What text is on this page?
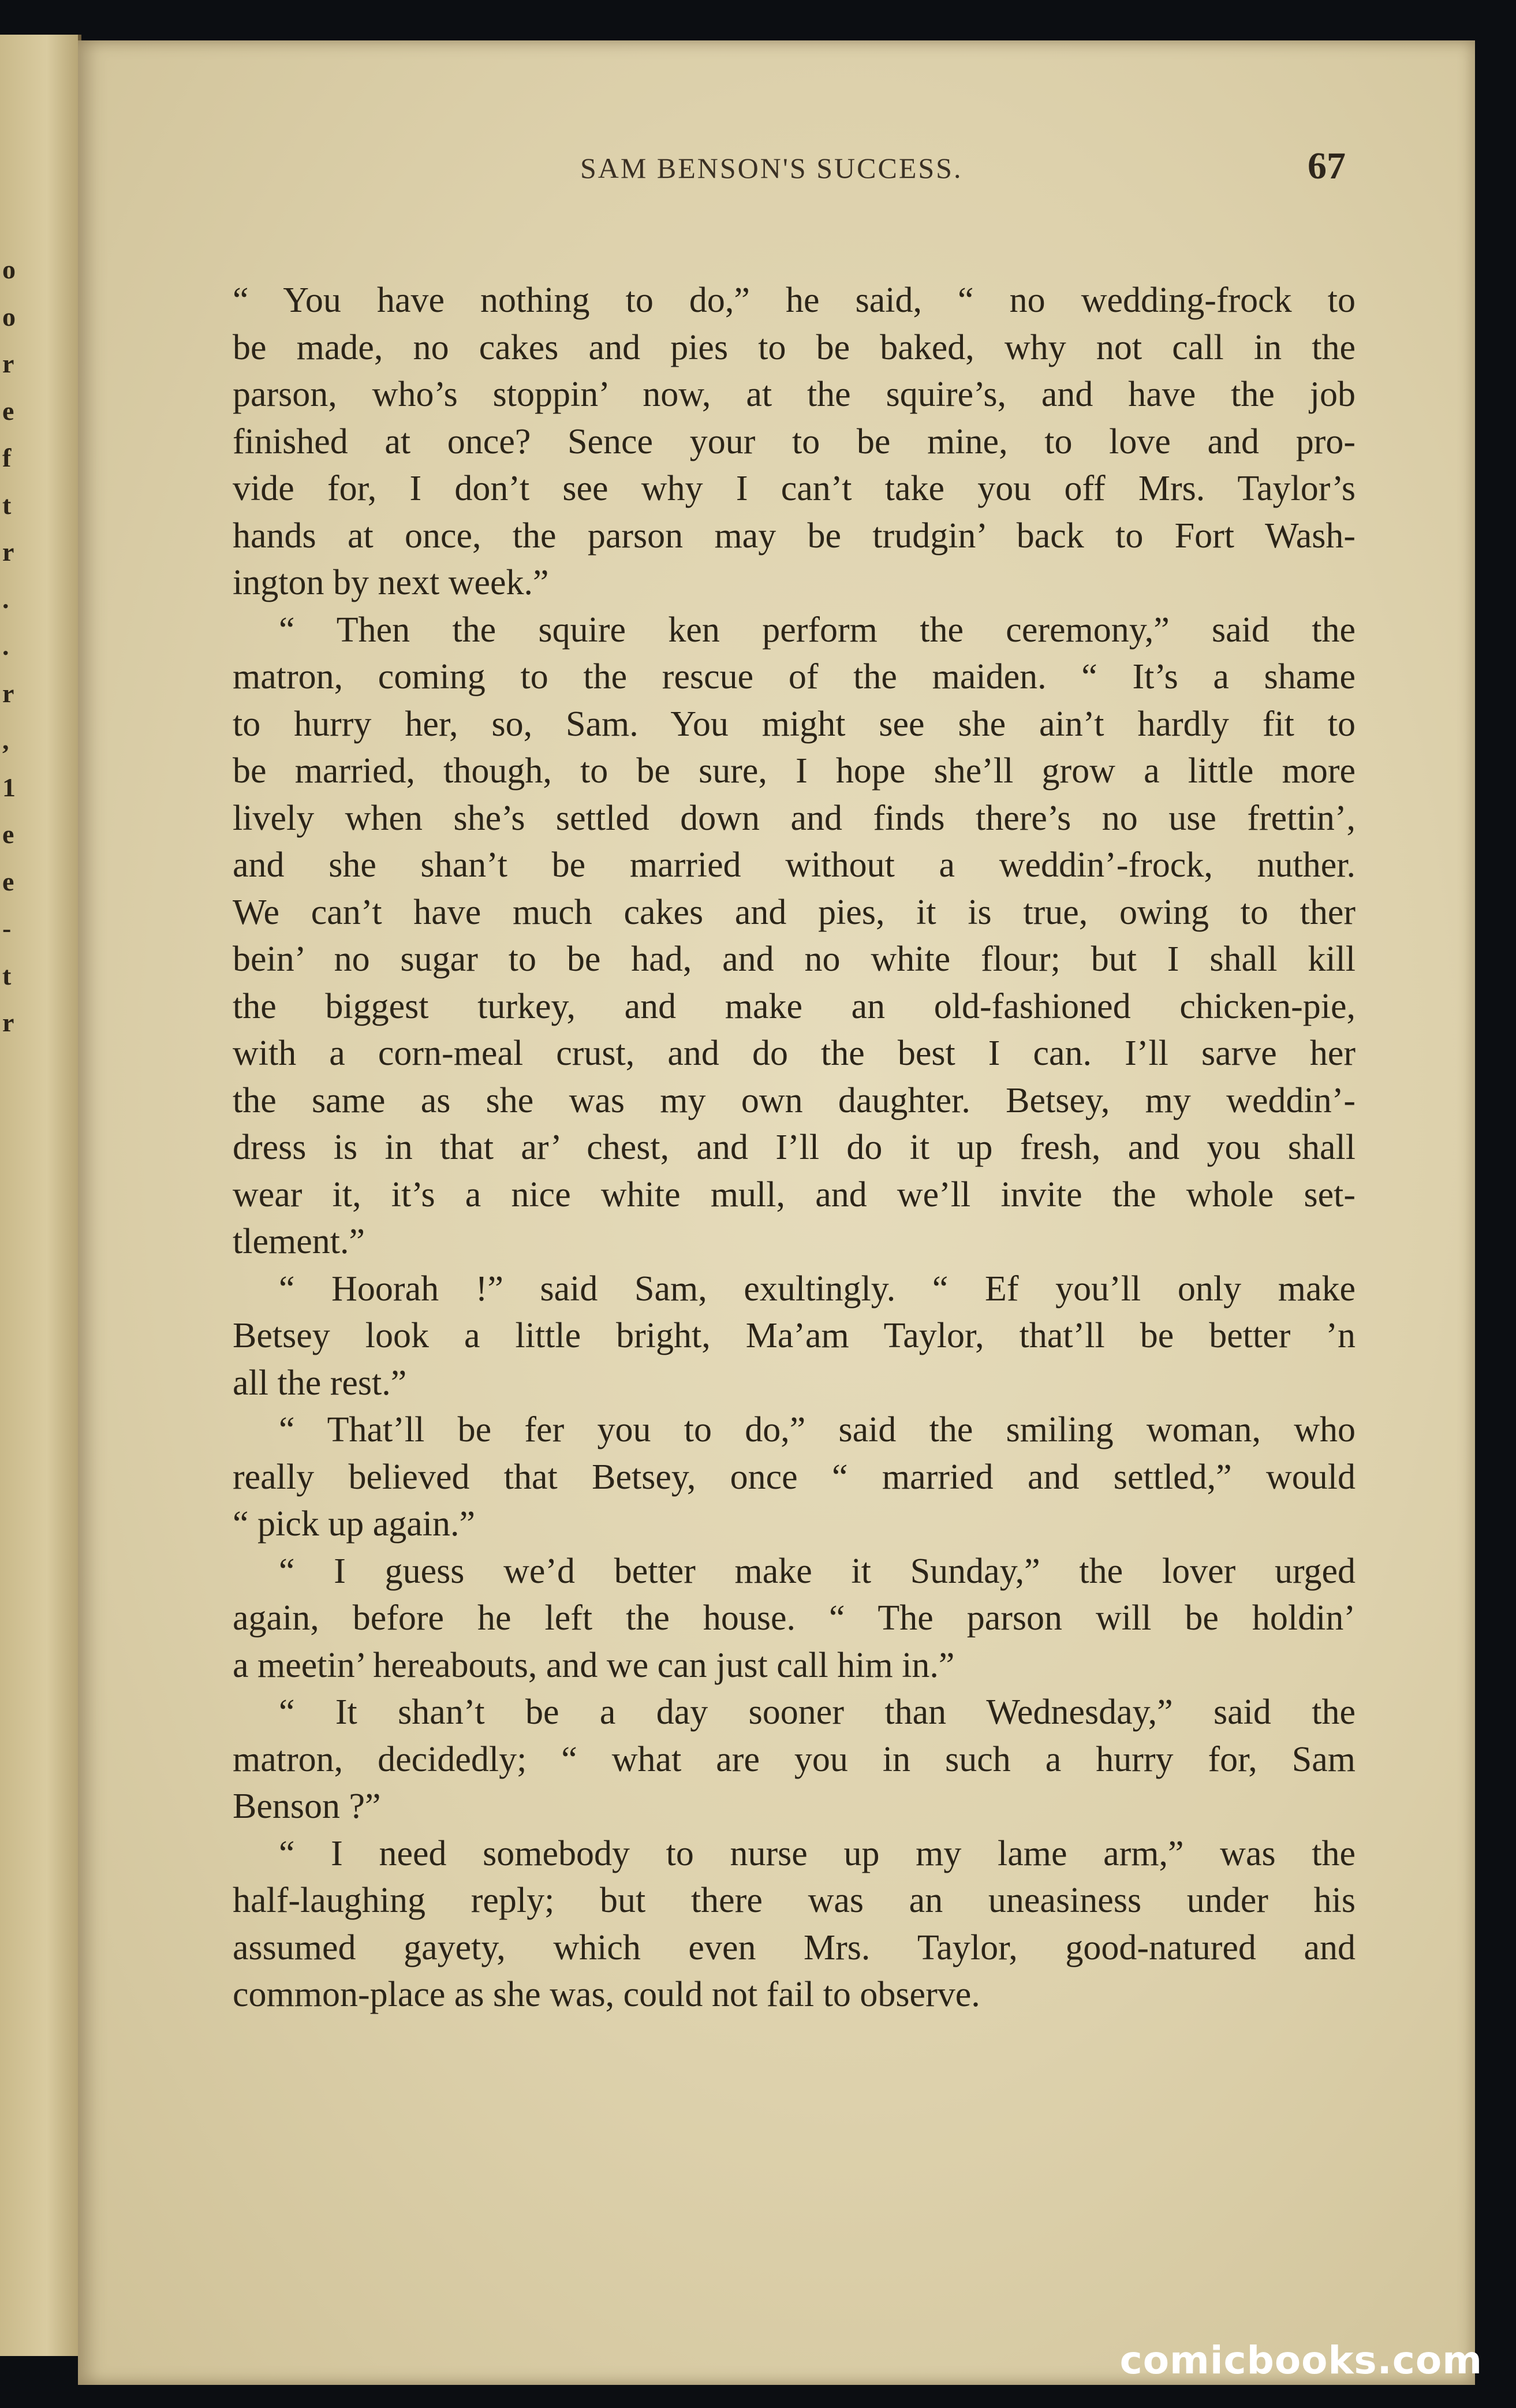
o
o
r
e
f
t
r
.
.
r
,
1
e
e
-
t
r
SAM BENSON'S SUCCESS.	67
“ You have nothing to do,” he said, “ no wedding-frock to
be made, no cakes and pies to be baked, why not call in the
parson, who’s stoppin’ now, at the squire’s, and have the job
finished at once? Sence your to be mine, to love and pro-
vide for, I don’t see why I can’t take you off Mrs. Taylor’s
hands at once, the parson may be trudgin’ back to Fort Wash-
ington by next week.”
“ Then the squire ken perform the ceremony,” said the
matron, coming to the rescue of the maiden. “ It’s a shame
to hurry her, so, Sam. You might see she ain’t hardly fit to
be married, though, to be sure, I hope she’ll grow a little more
lively when she’s settled down and finds there’s no use frettin’,
and she shan’t be married without a weddin’-frock, nuther.
We can’t have much cakes and pies, it is true, owing to ther
bein’ no sugar to be had, and no white flour; but I shall kill
the biggest turkey, and make an old-fashioned chicken-pie,
with a corn-meal crust, and do the best I can. I’ll sarve her
the same as she was my own daughter. Betsey, my weddin’-
dress is in that ar’ chest, and I’ll do it up fresh, and you shall
wear it, it’s a nice white mull, and we’ll invite the whole set-
tlement.”
“ Hoorah !” said Sam, exultingly. “ Ef you’ll only make
Betsey look a little bright, Ma’am Taylor, that’ll be better ’n
all the rest.”
“ That’ll be fer you to do,” said the smiling woman, who
really believed that Betsey, once “ married and settled,” would
“ pick up again.”
“ I guess we’d better make it Sunday,” the lover urged
again, before he left the house. “ The parson will be holdin’
a meetin’ hereabouts, and we can just call him in.”
“ It shan’t be a day sooner than Wednesday,” said the
matron, decidedly; “ what are you in such a hurry for, Sam
Benson ?”
“ I need somebody to nurse up my lame arm,” was the
half-laughing reply; but there was an uneasiness under his
assumed gayety, which even Mrs. Taylor, good-natured and
common-place as she was, could not fail to observe.
comicbooks.com
